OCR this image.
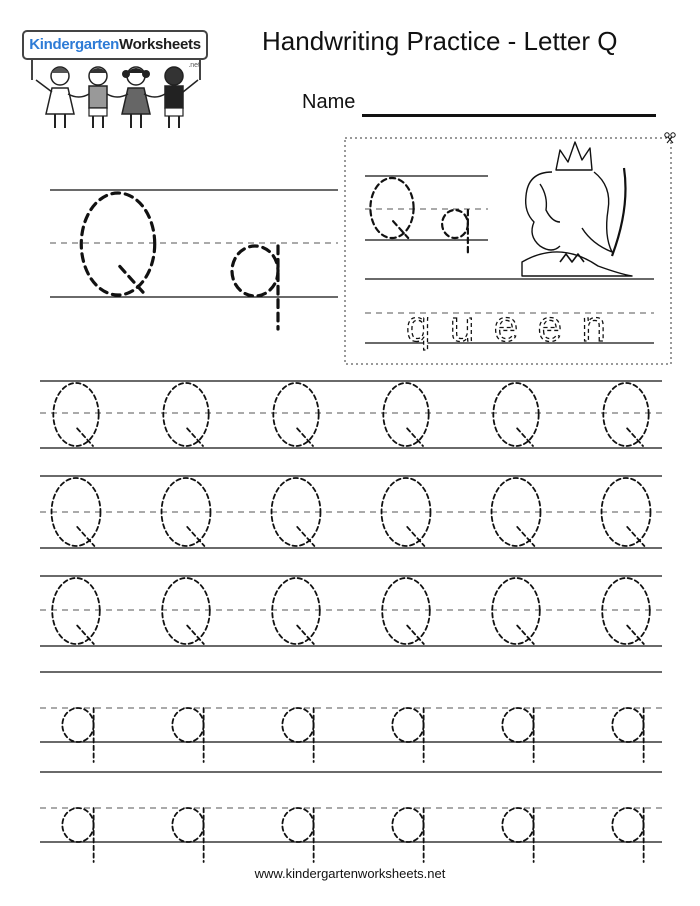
KindergartenWorksheets
.net
Handwriting Practice - Letter Q
Name
queen
www.kindergartenworksheets.net
